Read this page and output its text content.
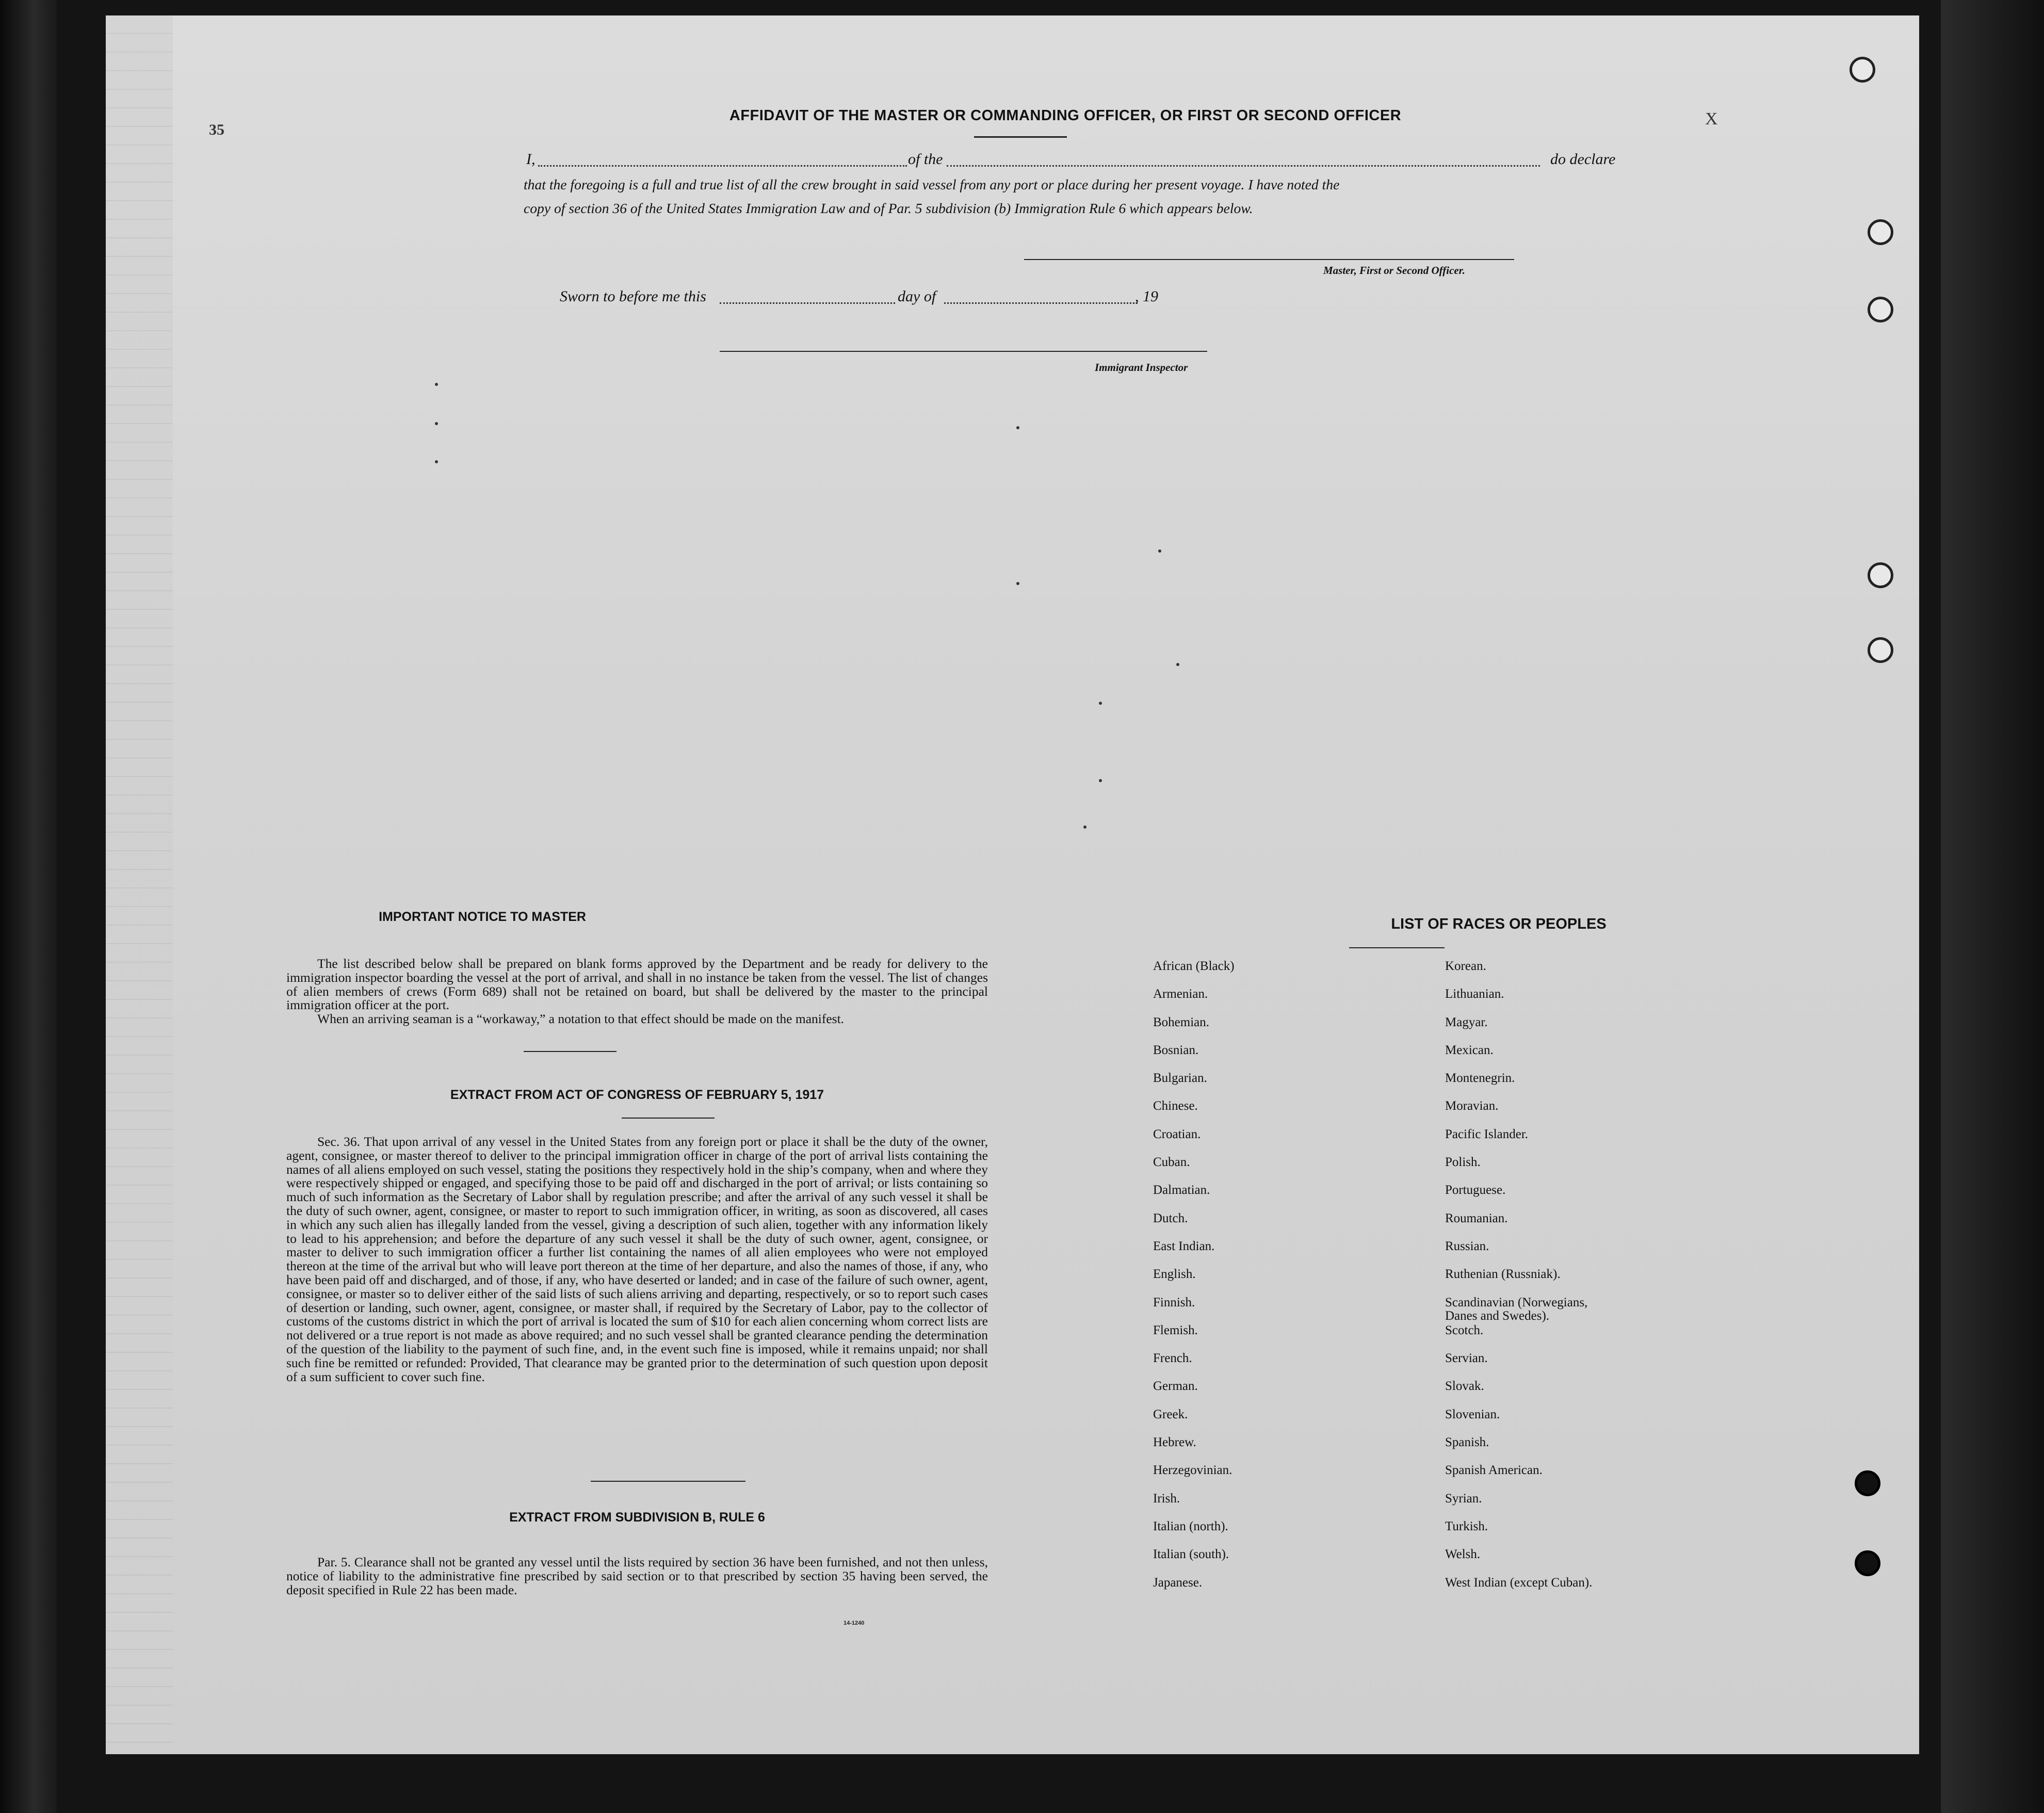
35
X
AFFIDAVIT OF THE MASTER OR COMMANDING OFFICER, OR FIRST OR SECOND OFFICER
I,	of the	do declare
that the foregoing is a full and true list of all the crew brought in said vessel from any port or place during her present voyage. I have noted the
copy of section 36 of the United States Immigration Law and of Par. 5 subdivision (b) Immigration Rule 6 which appears below.
Master, First or Second Officer.
Sworn to before me this	day of	, 19
Immigrant Inspector
IMPORTANT NOTICE TO MASTER

The list described below shall be prepared on blank forms approved by the Department and be ready for delivery to the immigration inspector boarding the vessel at the port of arrival, and shall in no instance be taken from the vessel. The list of changes of alien members of crews (Form 689) shall not be retained on board, but shall be delivered by the master to the principal immigration officer at the port.

When an arriving seaman is a “workaway,” a notation to that effect should be made on the manifest.

EXTRACT FROM ACT OF CONGRESS OF FEBRUARY 5, 1917

Sec. 36. That upon arrival of any vessel in the United States from any foreign port or place it shall be the duty of the owner, agent, consignee, or master thereof to deliver to the principal immigration officer in charge of the port of arrival lists containing the names of all aliens employed on such vessel, stating the positions they respectively hold in the ship’s company, when and where they were respectively shipped or engaged, and specifying those to be paid off and discharged in the port of arrival; or lists containing so much of such information as the Secretary of Labor shall by regulation prescribe; and after the arrival of any such vessel it shall be the duty of such owner, agent, consignee, or master to report to such immigration officer, in writing, as soon as discovered, all cases in which any such alien has illegally landed from the vessel, giving a description of such alien, together with any information likely to lead to his apprehension; and before the departure of any such vessel it shall be the duty of such owner, agent, consignee, or master to deliver to such immigration officer a further list containing the names of all alien employees who were not employed thereon at the time of the arrival but who will leave port thereon at the time of her departure, and also the names of those, if any, who have been paid off and discharged, and of those, if any, who have deserted or landed; and in case of the failure of such owner, agent, consignee, or master so to deliver either of the said lists of such aliens arriving and departing, respectively, or so to report such cases of desertion or landing, such owner, agent, consignee, or master shall, if required by the Secretary of Labor, pay to the collector of customs of the customs district in which the port of arrival is located the sum of $10 for each alien concerning whom correct lists are not delivered or a true report is not made as above required; and no such vessel shall be granted clearance pending the determination of the question of the liability to the payment of such fine, and, in the event such fine is imposed, while it remains unpaid; nor shall such fine be remitted or refunded: Provided, That clearance may be granted prior to the determination of such question upon deposit of a sum sufficient to cover such fine.

EXTRACT FROM SUBDIVISION B, RULE 6

Par. 5. Clearance shall not be granted any vessel until the lists required by section 36 have been furnished, and not then unless, notice of liability to the administrative fine prescribed by said section or to that prescribed by section 35 having been served, the deposit specified in Rule 22 has been made.

14-1240
LIST OF RACES OR PEOPLES
African (Black)
Armenian.
Bohemian.
Bosnian.
Bulgarian.
Chinese.
Croatian.
Cuban.
Dalmatian.
Dutch.
East Indian.
English.
Finnish.
Flemish.
French.
German.
Greek.
Hebrew.
Herzegovinian.
Irish.
Italian (north).
Italian (south).
Japanese.
Korean.
Lithuanian.
Magyar.
Mexican.
Montenegrin.
Moravian.
Pacific Islander.
Polish.
Portuguese.
Roumanian.
Russian.
Ruthenian (Russniak).
Scandinavian (Norwegians,
Danes and Swedes).
Scotch.
Servian.
Slovak.
Slovenian.
Spanish.
Spanish American.
Syrian.
Turkish.
Welsh.
West Indian (except Cuban).
